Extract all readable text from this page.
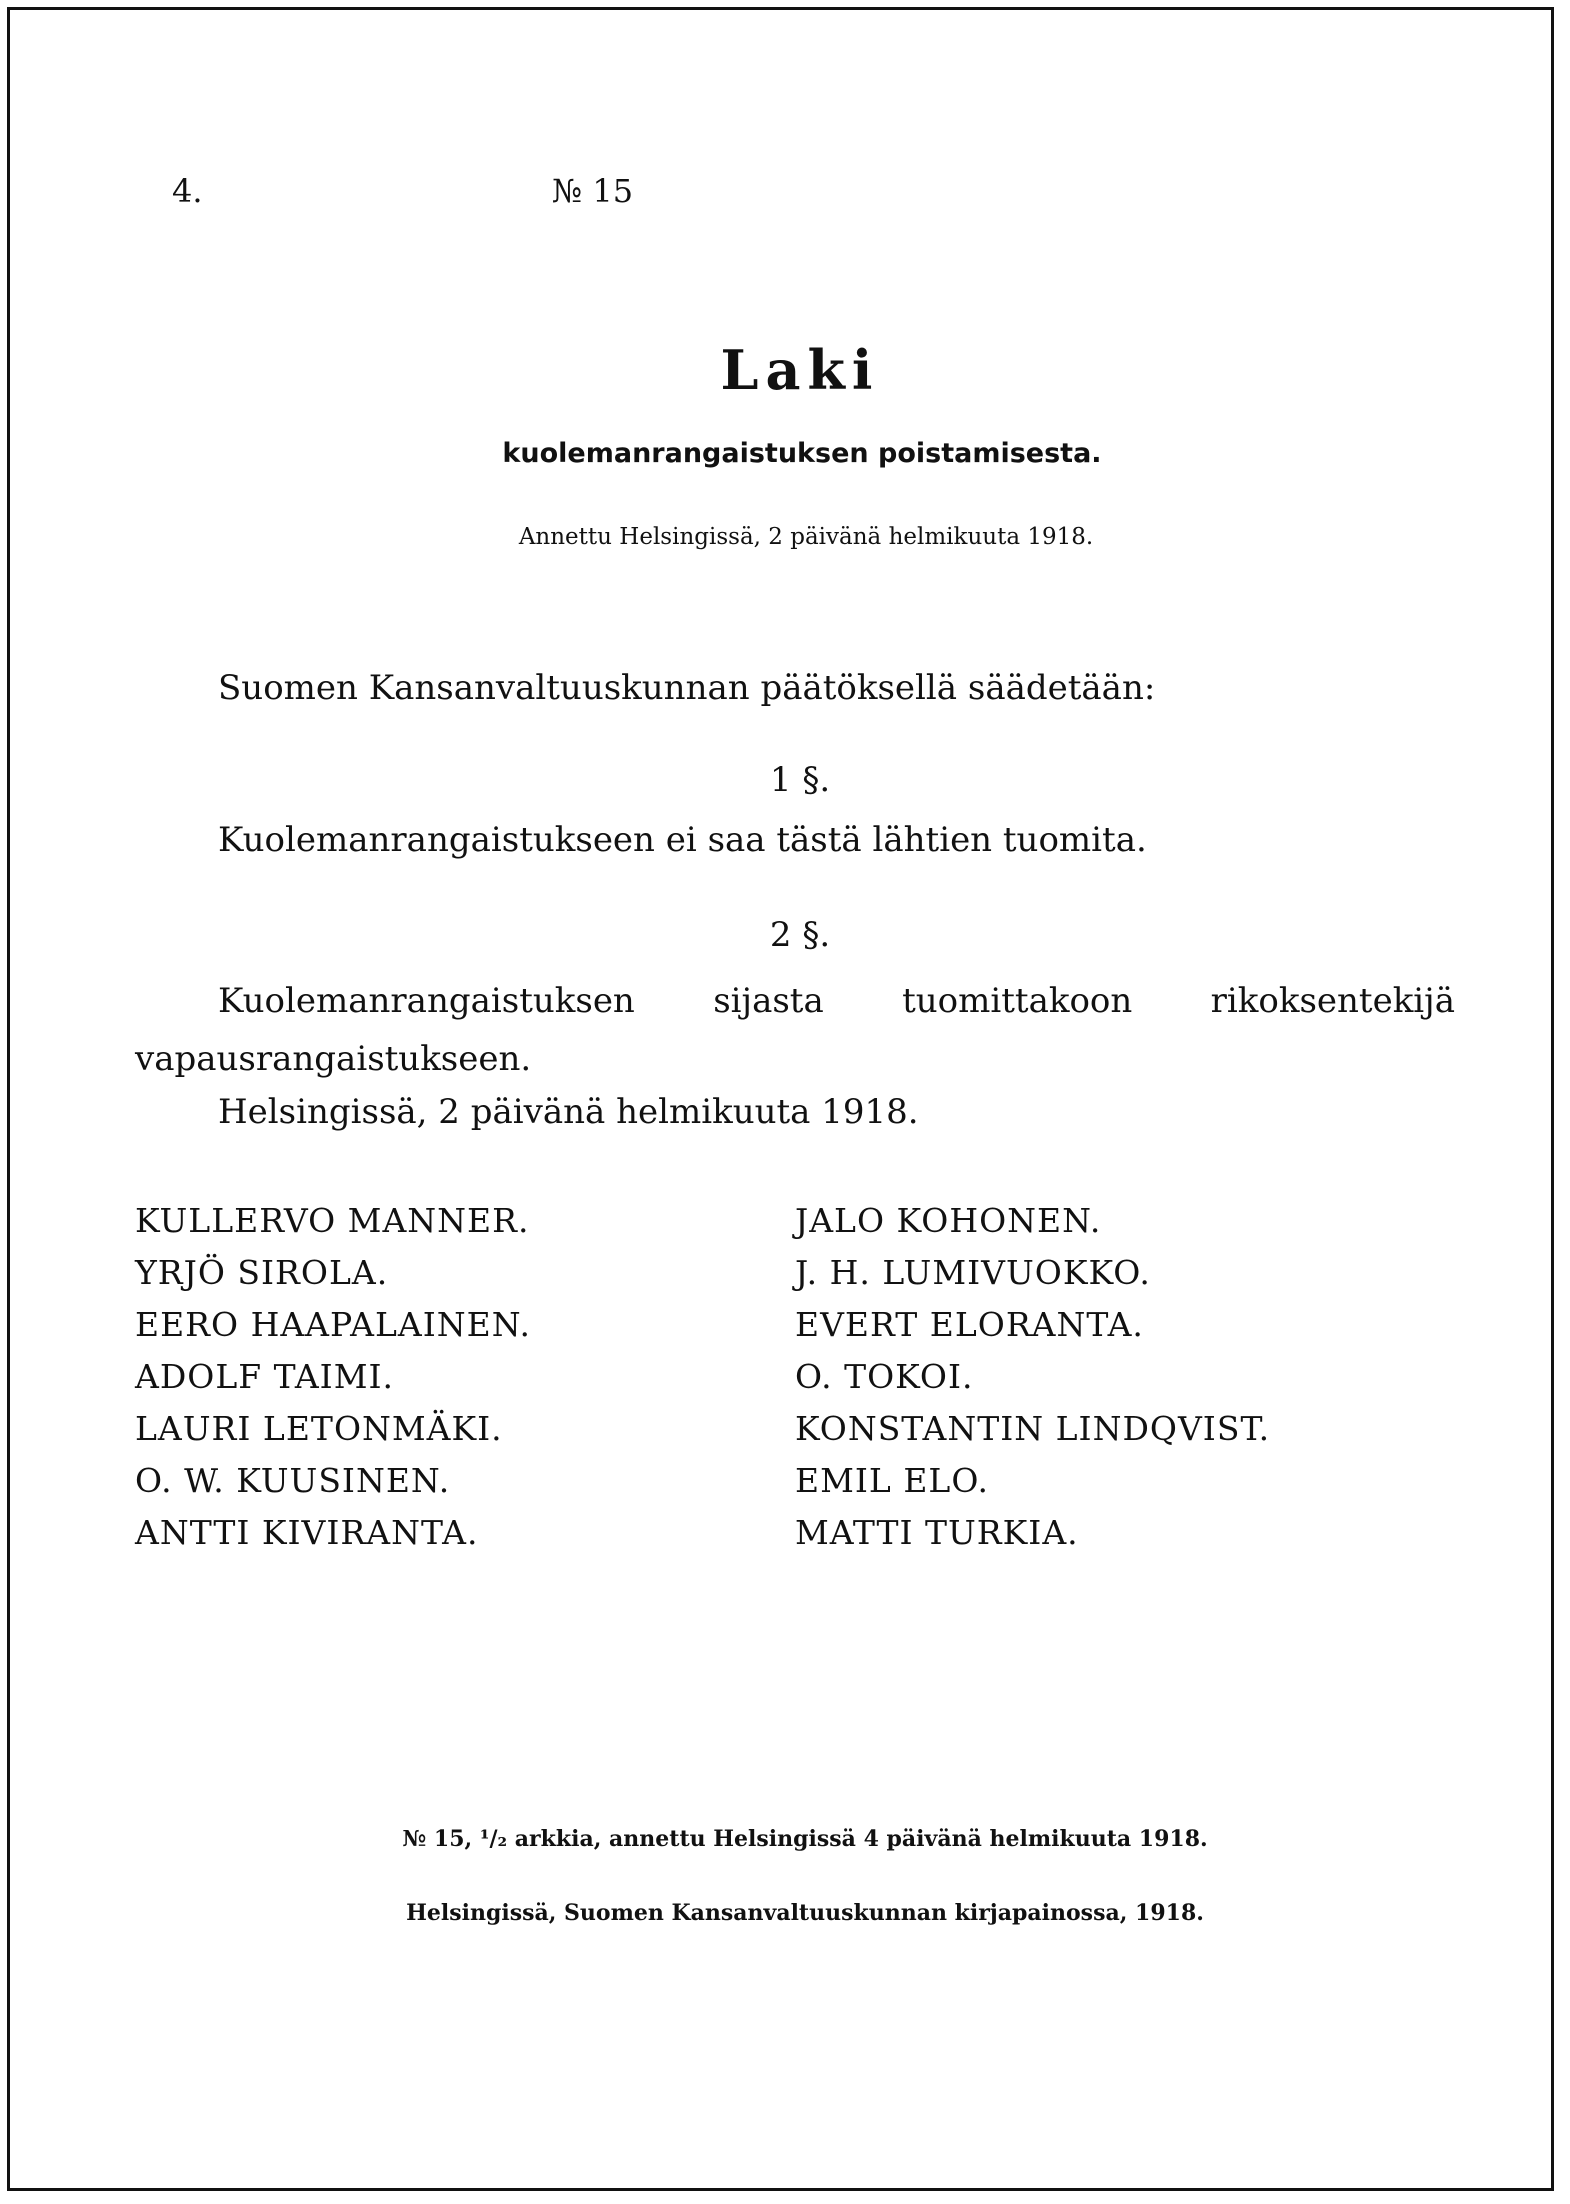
4.	№ 15
Laki
kuolemanrangaistuksen poistamisesta.
Annettu Helsingissä, 2 päivänä helmikuuta 1918.
Suomen Kansanvaltuuskunnan päätöksellä säädetään:
1 §.
Kuolemanrangaistukseen ei saa tästä lähtien tuomita.
2 §.
Kuolemanrangaistuksen sijasta tuomittakoon rikoksentekijä vapausrangaistukseen.
Helsingissä, 2 päivänä helmikuuta 1918.
KULLERVO MANNER.
YRJÖ SIROLA.
EERO HAAPALAINEN.
ADOLF TAIMI.
LAURI LETONMÄKI.
O. W. KUUSINEN.
ANTTI KIVIRANTA.
JALO KOHONEN.
J. H. LUMIVUOKKO.
EVERT ELORANTA.
O. TOKOI.
KONSTANTIN LINDQVIST.
EMIL ELO.
MATTI TURKIA.
№ 15, ¹/₂ arkkia, annettu Helsingissä 4 päivänä helmikuuta 1918.
Helsingissä, Suomen Kansanvaltuuskunnan kirjapainossa, 1918.
